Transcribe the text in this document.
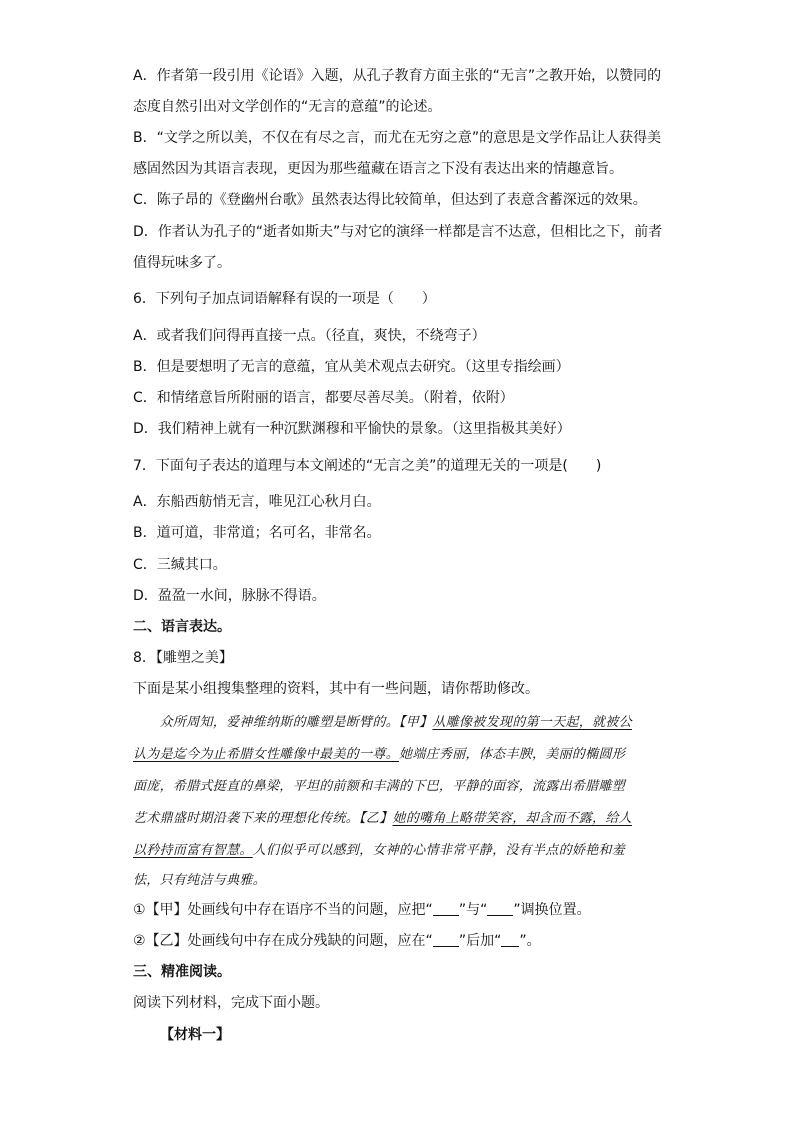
A．作者第一段引用《论语》入题，从孔子教育方面主张的“无言”之教开始，以赞同的
态度自然引出对文学创作的“无言的意蕴”的论述。
B．“文学之所以美，不仅在有尽之言，而尤在无穷之意”的意思是文学作品让人获得美
感固然因为其语言表现，更因为那些蕴藏在语言之下没有表达出来的情趣意旨。
C．陈子昂的《登幽州台歌》虽然表达得比较简单，但达到了表意含蓄深远的效果。
D．作者认为孔子的“逝者如斯夫”与对它的演绎一样都是言不达意，但相比之下，前者
值得玩味多了。
6．下列句子加点词语解释有误的一项是（　　）
A．或者我们问得再直接一点。（径直，爽快，不绕弯子）
B．但是要想明了无言的意蕴，宜从美术观点去研究。（这里专指绘画）
C．和情绪意旨所附丽的语言，都要尽善尽美。（附着，依附）
D．我们精神上就有一种沉默渊穆和平愉快的景象。（这里指极其美好）
7．下面句子表达的道理与本文阐述的“无言之美”的道理无关的一项是(　　)
A．东船西舫悄无言，唯见江心秋月白。
B．道可道，非常道；名可名，非常名。
C．三缄其口。
D．盈盈一水间，脉脉不得语。
二、语言表达。
8．【雕塑之美】
下面是某小组搜集整理的资料，其中有一些问题，请你帮助修改。
　　众所周知，爱神维纳斯的雕塑是断臂的。【甲】从雕像被发现的第一天起，就被公
认为是迄今为止希腊女性雕像中最美的一尊。她端庄秀丽，体态丰腴，美丽的椭圆形
面庞，希腊式挺直的鼻梁，平坦的前额和丰满的下巴，平静的面容，流露出希腊雕塑
艺术鼎盛时期沿袭下来的理想化传统。【乙】她的嘴角上略带笑容，却含而不露，给人
以矜持而富有智慧。人们似乎可以感到，女神的心情非常平静，没有半点的娇艳和羞
怯，只有纯洁与典雅。
①【甲】处画线句中存在语序不当的问题，应把“ ”与“ ”调换位置。
②【乙】处画线句中存在成分残缺的问题，应在“ ”后加“ ”。
三、精准阅读。
阅读下列材料，完成下面小题。
【材料一】
